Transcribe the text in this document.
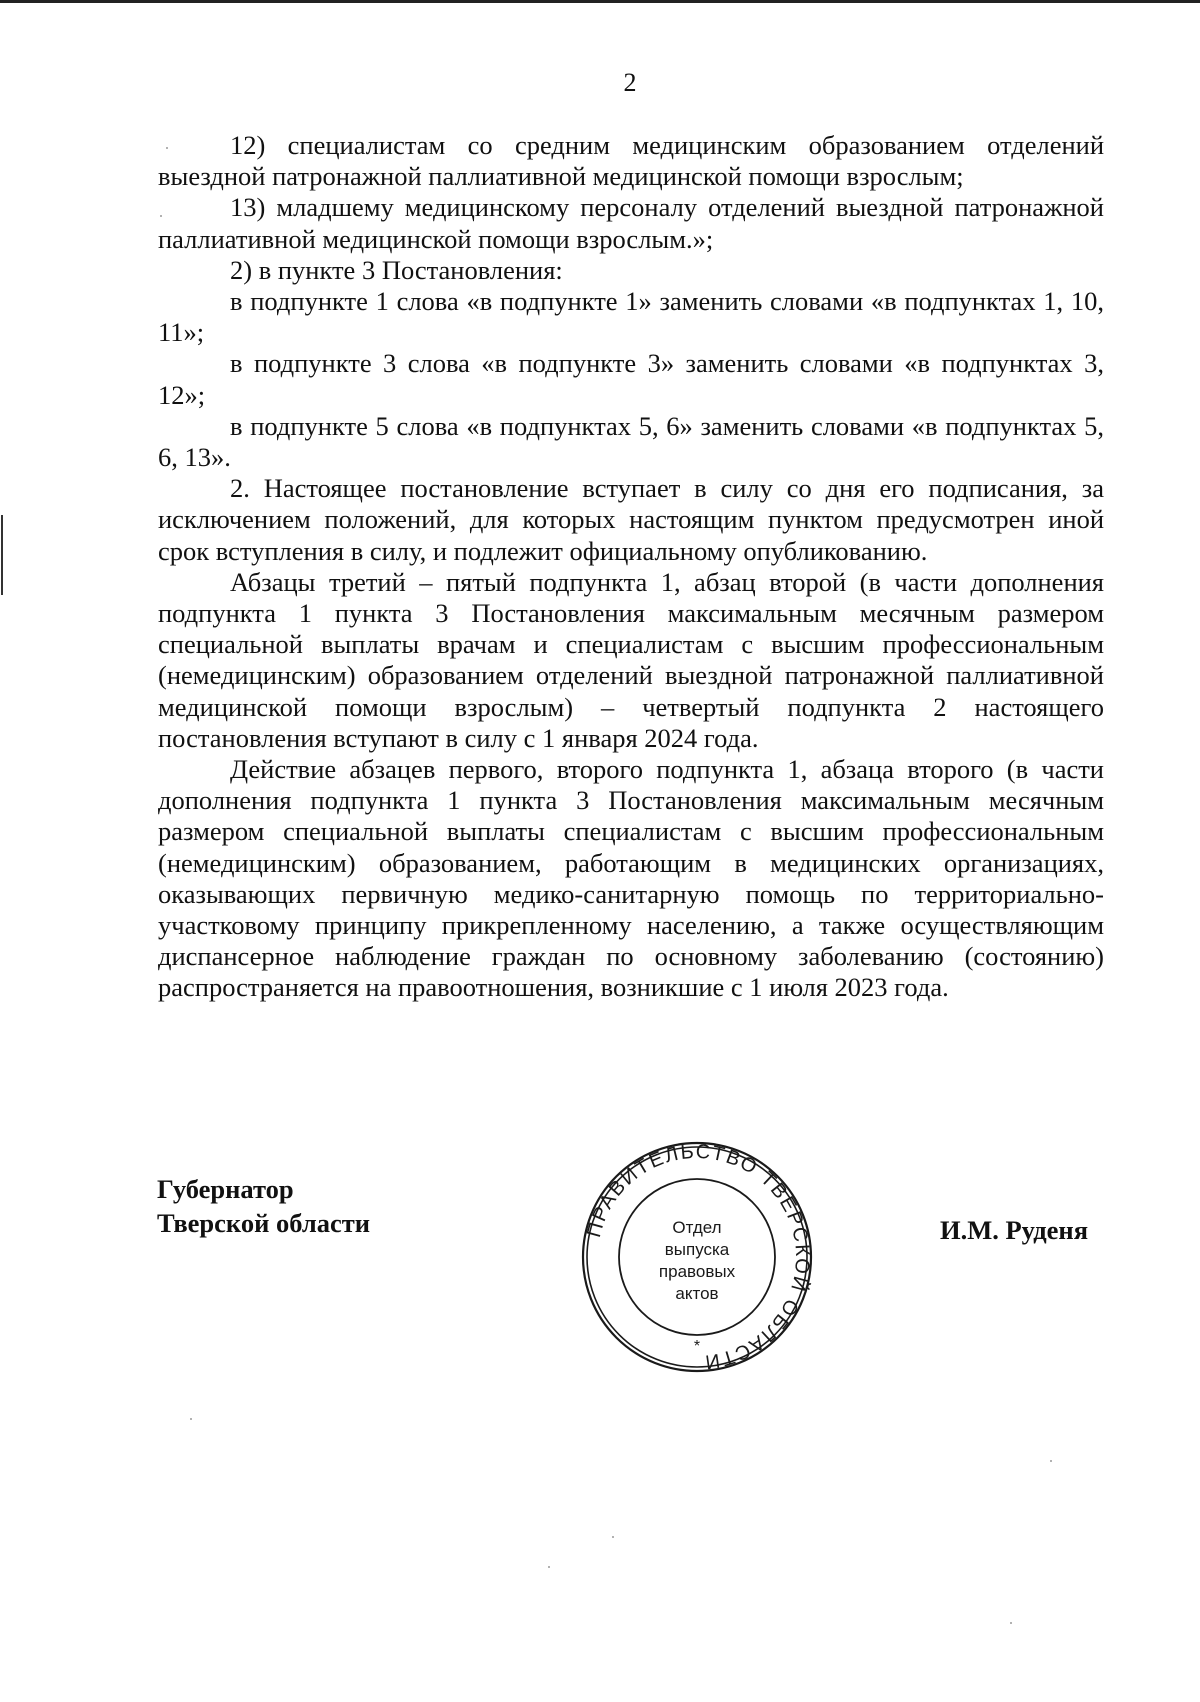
2

12) специалистам со средним медицинским образованием отделений выездной патронажной паллиативной медицинской помощи взрослым;

13) младшему медицинскому персоналу отделений выездной патронажной паллиативной медицинской помощи взрослым.»;

2) в пункте 3 Постановления:

в подпункте 1 слова «в подпункте 1» заменить словами «в подпунктах 1, 10, 11»;

в подпункте 3 слова «в подпункте 3» заменить словами «в подпунктах 3, 12»;

в подпункте 5 слова «в подпунктах 5, 6» заменить словами «в подпунктах 5, 6, 13».

2. Настоящее постановление вступает в силу со дня его подписания, за исключением положений, для которых настоящим пунктом предусмотрен иной срок вступления в силу, и подлежит официальному опубликованию.

Абзацы третий – пятый подпункта 1, абзац второй (в части дополнения подпункта 1 пункта 3 Постановления максимальным месячным размером специальной выплаты врачам и специалистам с высшим профессиональным (немедицинским) образованием отделений выездной патронажной паллиативной медицинской помощи взрослым) – четвертый подпункта 2 настоящего постановления вступают в силу с 1 января 2024 года.

Действие абзацев первого, второго подпункта 1, абзаца второго (в части дополнения подпункта 1 пункта 3 Постановления максимальным месячным размером специальной выплаты специалистам с высшим профессиональным (немедицинским) образованием, работающим в медицинских организациях, оказывающих первичную медико-санитарную помощь по территориально-участковому принципу прикрепленному населению, а также осуществляющим диспансерное наблюдение граждан по основному заболеванию (состоянию) распространяется на правоотношения, возникшие с 1 июля 2023 года.

Губернатор
Тверской области	ПРАВИТЕЛЬСТВО ТВЕРСКОЙ ОБЛАСТИ
Отдел
выпуска
правовых
актов
*
И.М. Руденя
